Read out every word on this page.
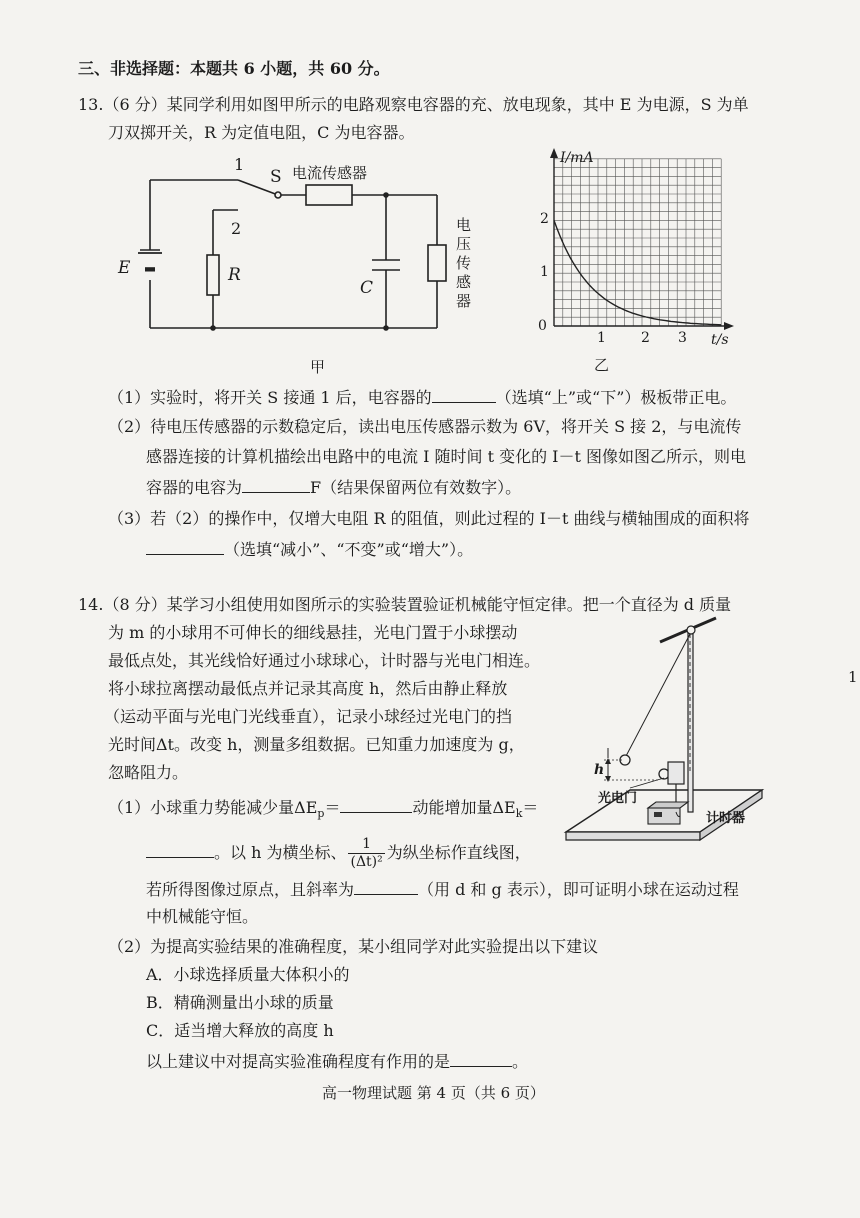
三、非选择题：本题共 6 小题，共 60 分。
13.（6 分）某同学利用如图甲所示的电路观察电容器的充、放电现象，其中 E 为电源，S 为单
刀双掷开关，R 为定值电阻，C 为电容器。
1
2
S 电流传感器
E	R
C
电
压
传
感
器
甲
I/mA
t/s
0
1
2
1	2 3
乙
（1）实验时，将开关 S 接通 1 后，电容器的	（选填“上”或“下”）极板带正电。
（2）待电压传感器的示数稳定后，读出电压传感器示数为 6V，将开关 S 接 2，与电流传
感器连接的计算机描绘出电路中的电流 I 随时间 t 变化的 I－t 图像如图乙所示，则电
容器的电容为	F（结果保留两位有效数字）。
（3）若（2）的操作中，仅增大电阻 R 的阻值，则此过程的 I－t 曲线与横轴围成的面积将
（选填“减小”、“不变”或“增大”）。
14.（8 分）某学习小组使用如图所示的实验装置验证机械能守恒定律。把一个直径为 d 质量
为 m 的小球用不可伸长的细线悬挂，光电门置于小球摆动
最低点处，其光线恰好通过小球球心，计时器与光电门相连。
将小球拉离摆动最低点并记录其高度 h，然后由静止释放
（运动平面与光电门光线垂直），记录小球经过光电门的挡
光时间Δt。改变 h，测量多组数据。已知重力加速度为 g，
忽略阻力。
（1）小球重力势能减少量$\Delta E_p=$	动能增加量$\Delta E_k=$
。以 h 为横坐标、 $\frac{1}{\text{(Δt)²}}$ 为纵坐标作直线图，
若所得图像过原点，且斜率为	（用 d 和 g 表示），即可证明小球在运动过程
中机械能守恒。
（2）为提高实验结果的准确程度，某小组同学对此实验提出以下建议
A．小球选择质量大体积小的
B．精确测量出小球的质量
C．适当增大释放的高度 h
以上建议中对提高实验准确程度有作用的是	。
h
光电门
计时器
高一物理试题 第 4 页（共 6 页）
1
